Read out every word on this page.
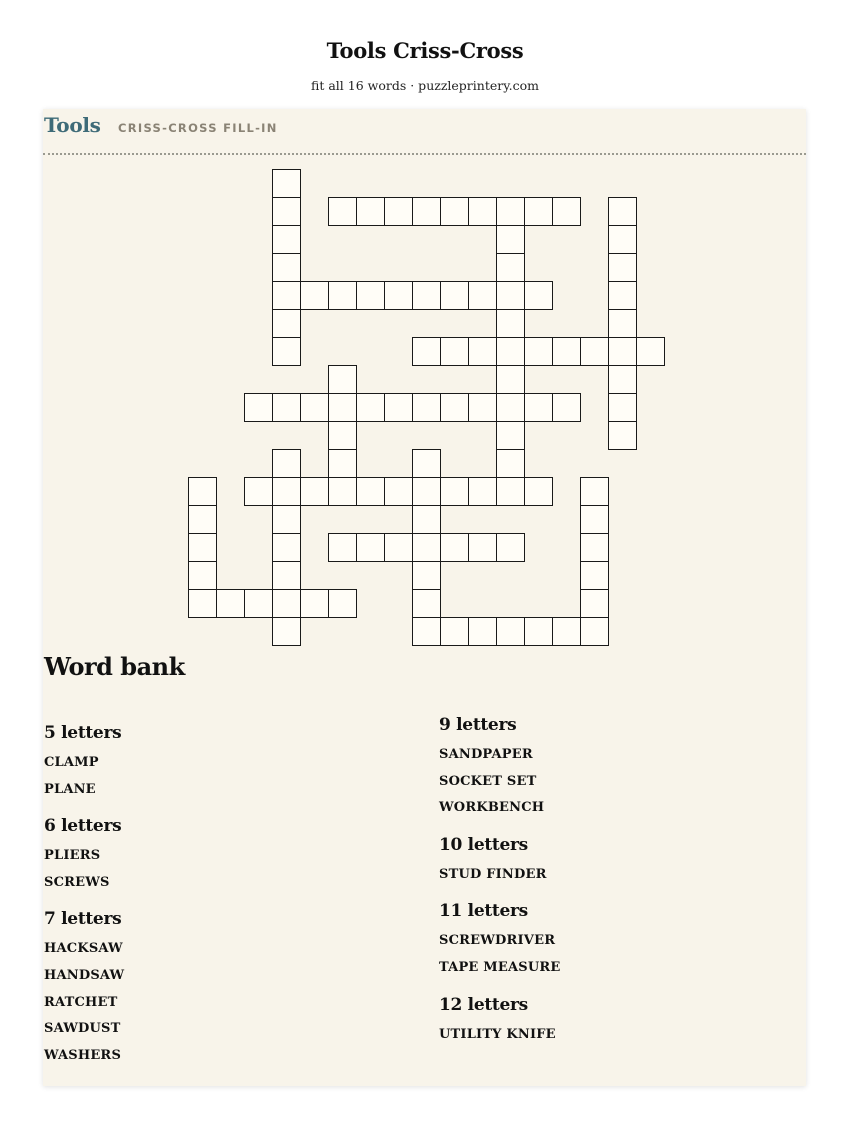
Tools Criss-Cross
fit all 16 words · puzzleprintery.com
Tools CRISS-CROSS FILL-IN
Word bank
5 letters
CLAMP
PLANE
6 letters
PLIERS
SCREWS
7 letters
HACKSAW
HANDSAW
RATCHET
SAWDUST
WASHERS
9 letters
SANDPAPER
SOCKET SET
WORKBENCH
10 letters
STUD FINDER
11 letters
SCREWDRIVER
TAPE MEASURE
12 letters
UTILITY KNIFE
